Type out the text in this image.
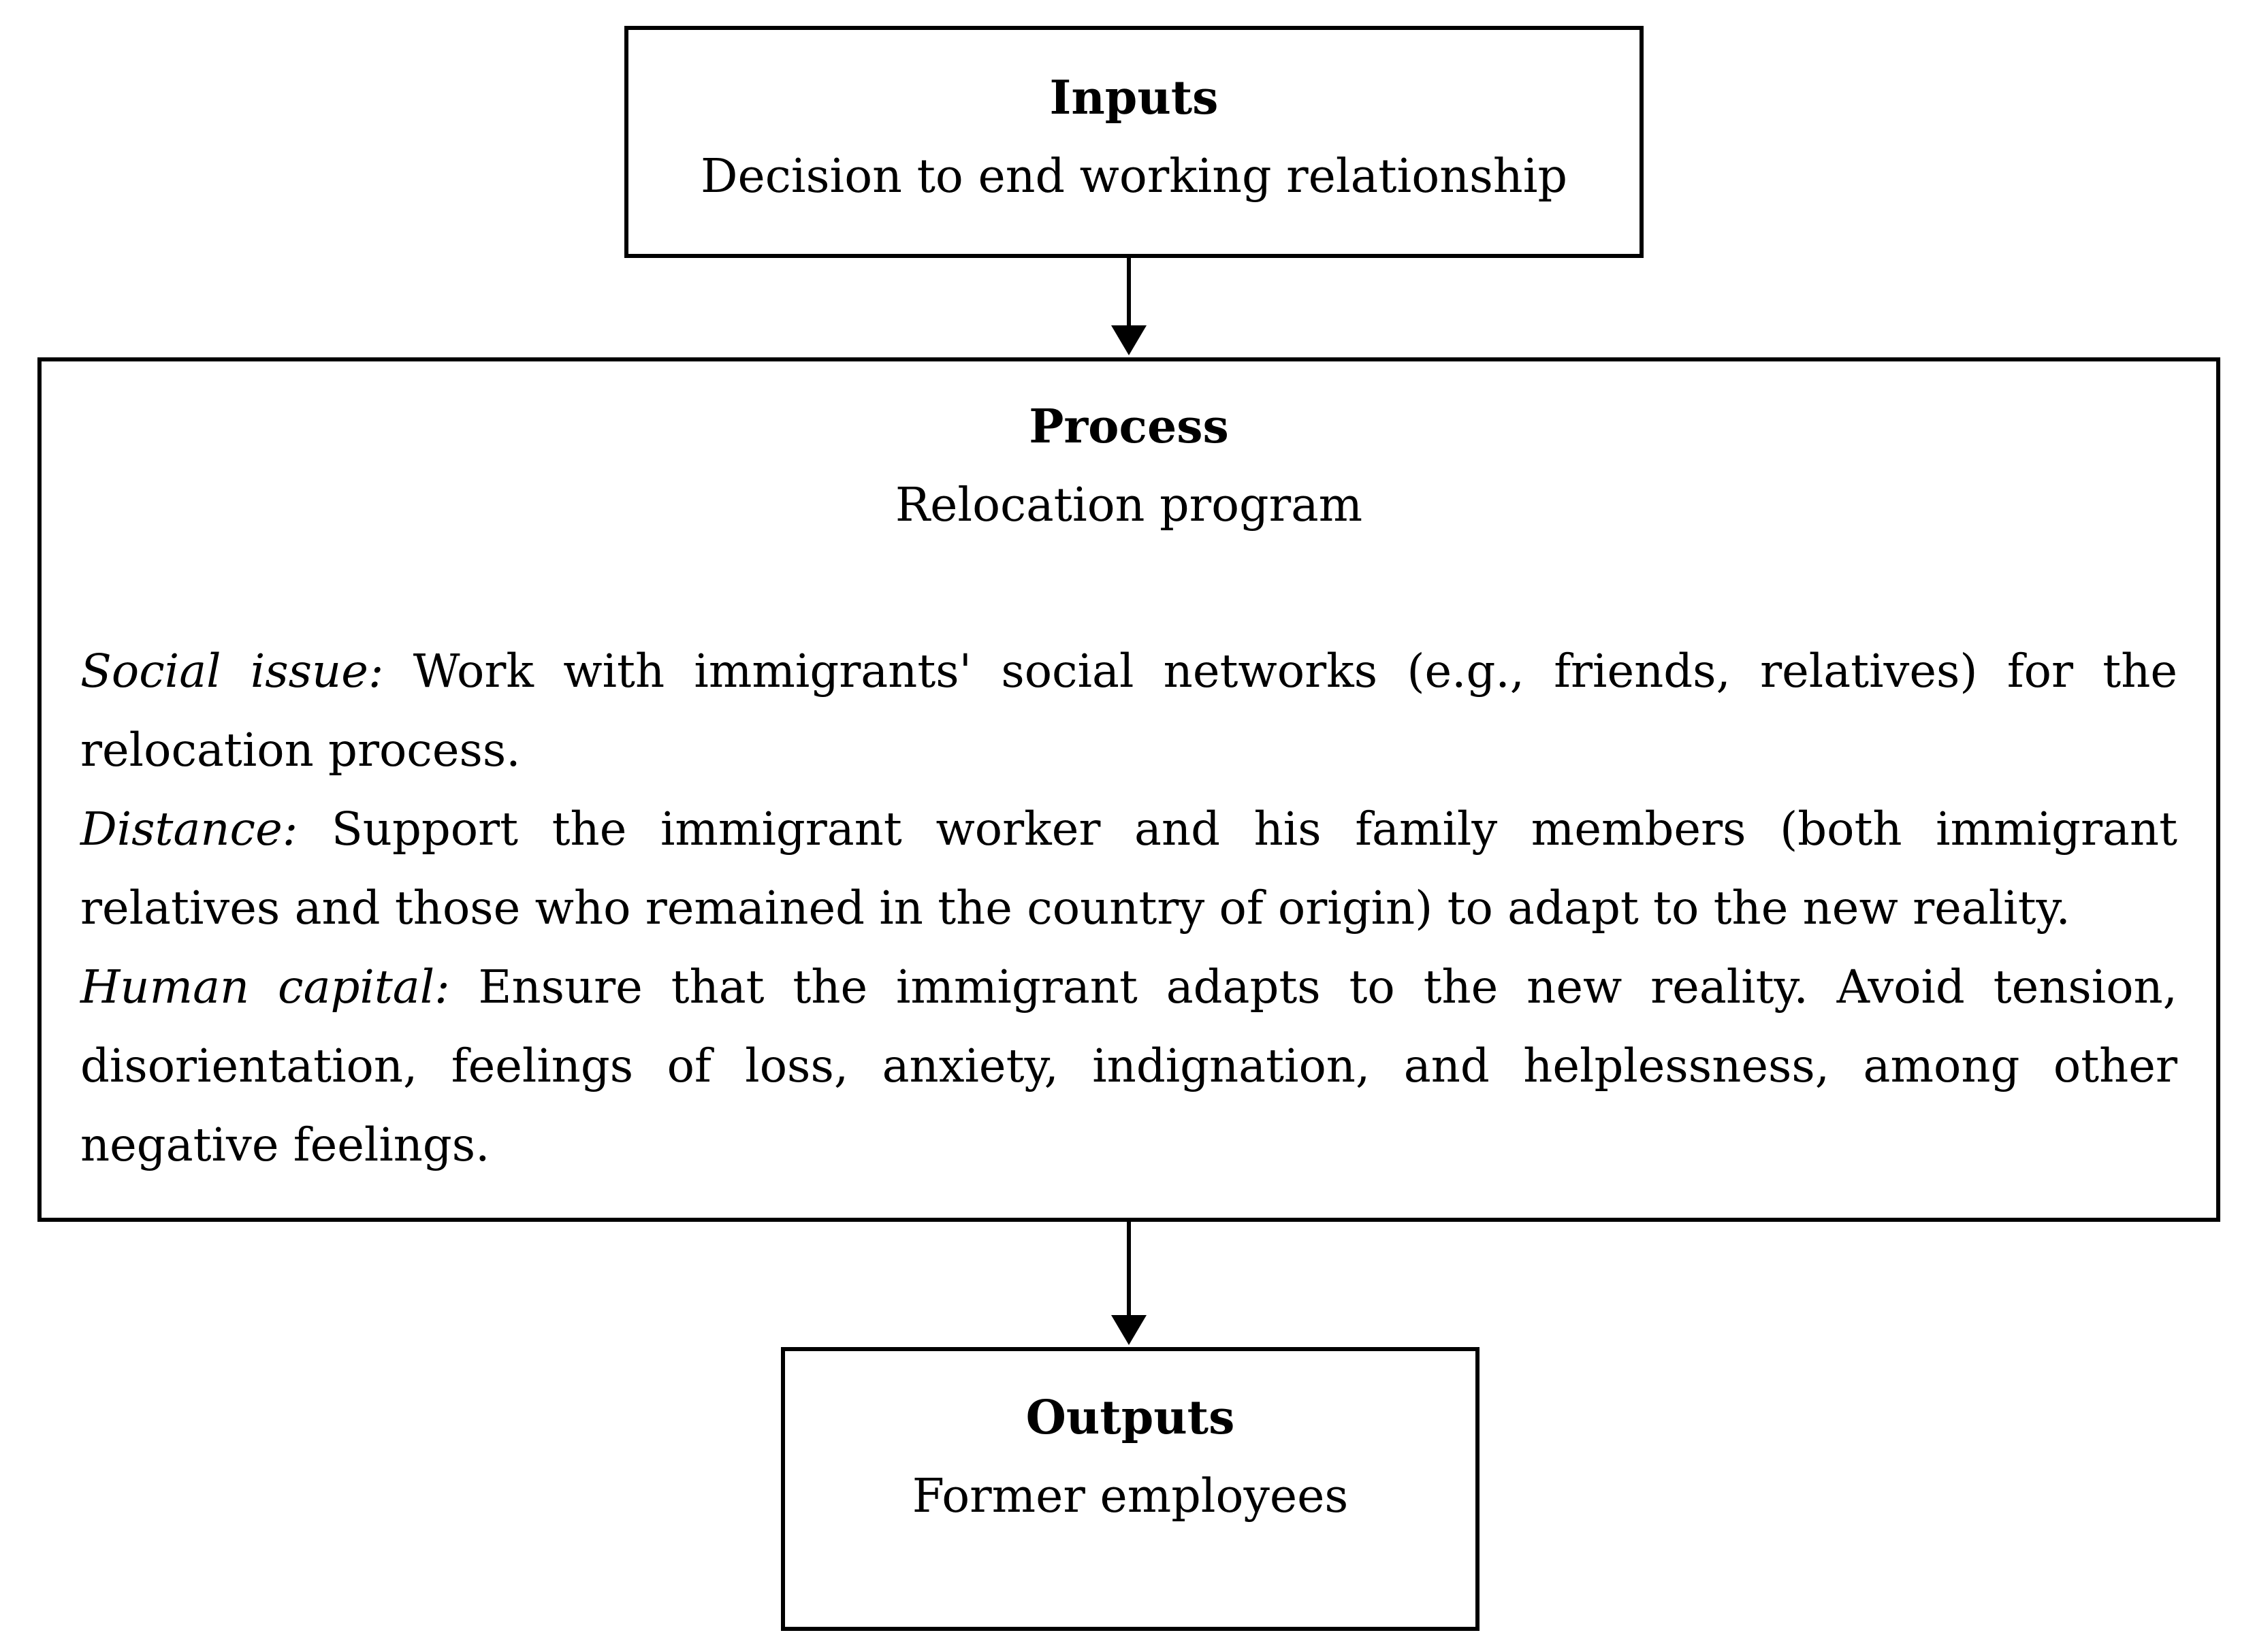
Inputs
Decision to end working relationship
Process
Relocation program

Social issue: Work with immigrants' social networks (e.g., friends, relatives) for the relocation process.

Distance: Support the immigrant worker and his family members (both immigrant relatives and those who remained in the country of origin) to adapt to the new reality.

Human capital: Ensure that the immigrant adapts to the new reality. Avoid tension, disorientation, feelings of loss, anxiety, indignation, and helplessness, among other negative feelings.

Outputs
Former employees
